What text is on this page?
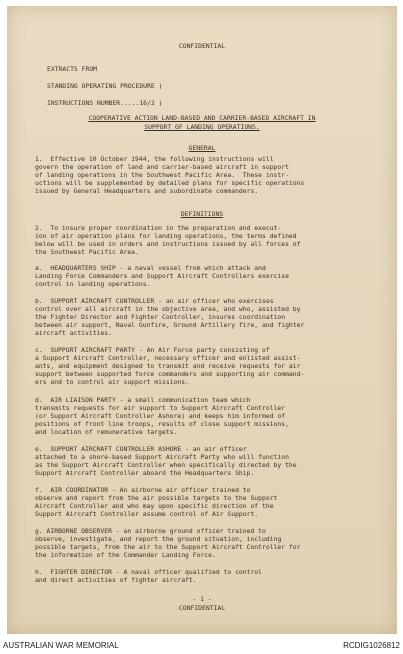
CONFIDENTIAL
EXTRACTS FROM
STANDING OPERATING PROCEDURE )
INSTRUCTIONS NUMBER.....16/2 )
COOPERATIVE ACTION LAND-BASED AND CARRIER-BASED AIRCRAFT IN
SUPPORT OF LANDING OPERATIONS.
GENERAL
1.  Effective 10 October 1944, the following instructions will
govern the operation of land and carrier-based aircraft in support
of landing operations in the Southwest Pacific Area.  These instr-
uctions will be supplemented by detailed plans for specific operations
issued by General Headquarters and subordinate commanders.
DEFINITIONS
2.  To insure proper coordination in the preparation and execut-
ion of air operation plans for landing operations, the terms defined
below will be used in orders and instructions issued by all forces of
the Southwest Pacific Area.
a.  HEADQUARTERS SHIP - a naval vessel from which attack and
Landing Force Commanders and Support Aircraft Controllers exercise
control in landing operations.
b.  SUPPORT AIRCRAFT CONTROLLER - an air officer who exercises
control over all aircraft in the objective area, and who, assisted by
the Fighter Director and Fighter Controller, insures coordination
between air support, Naval Gunfire, Ground Artillery fire, and fighter
aircraft activities.
c.  SUPPORT AIRCRAFT PARTY - An Air Force party consisting of
a Support Aircraft Controller, necessary officer and enlisted assist-
ants, and equipment designed to transmit and receive requests for air
support between supported force commanders and supporting air command-
ers and to control air support missions.
d.  AIR LIAISON PARTY - a small communication team which
transmits requests for air support to Support Aircraft Controller
(or Support Aircraft Controller Ashore) and keeps him informed of
positions of front line troops, results of close support missions,
and location of remunerative targets.
e.  SUPPORT AIRCRAFT CONTROLLER ASHORE - an air officer
attached to a shore-based Support Aircraft Party who will function
as the Support Aircraft Controller when specifically directed by the
Support Aircraft Controller aboard the Headquarters Ship.
f.  AIR COORDINATOR - An airborne air officer trained to
observe and report from the air possible targets to the Support
Aircraft Controller and who may upon specific direction of the
Support Aircraft Controller assume control of Air Support.
g. AIRBORNE OBSERVER - an airborne ground officer trained to
observe, investigate, and report the ground situation, including
possible targets, from the air to the Support Aircraft Controller for
the information of the Commander Landing Force.
h.  FIGHTER DIRECTOR - A naval officer qualified to control
and direct activities of fighter aircraft.
- 1 -
CONFIDENTIAL
AUSTRALIAN WAR MEMORIAL	RCDIG1026812
